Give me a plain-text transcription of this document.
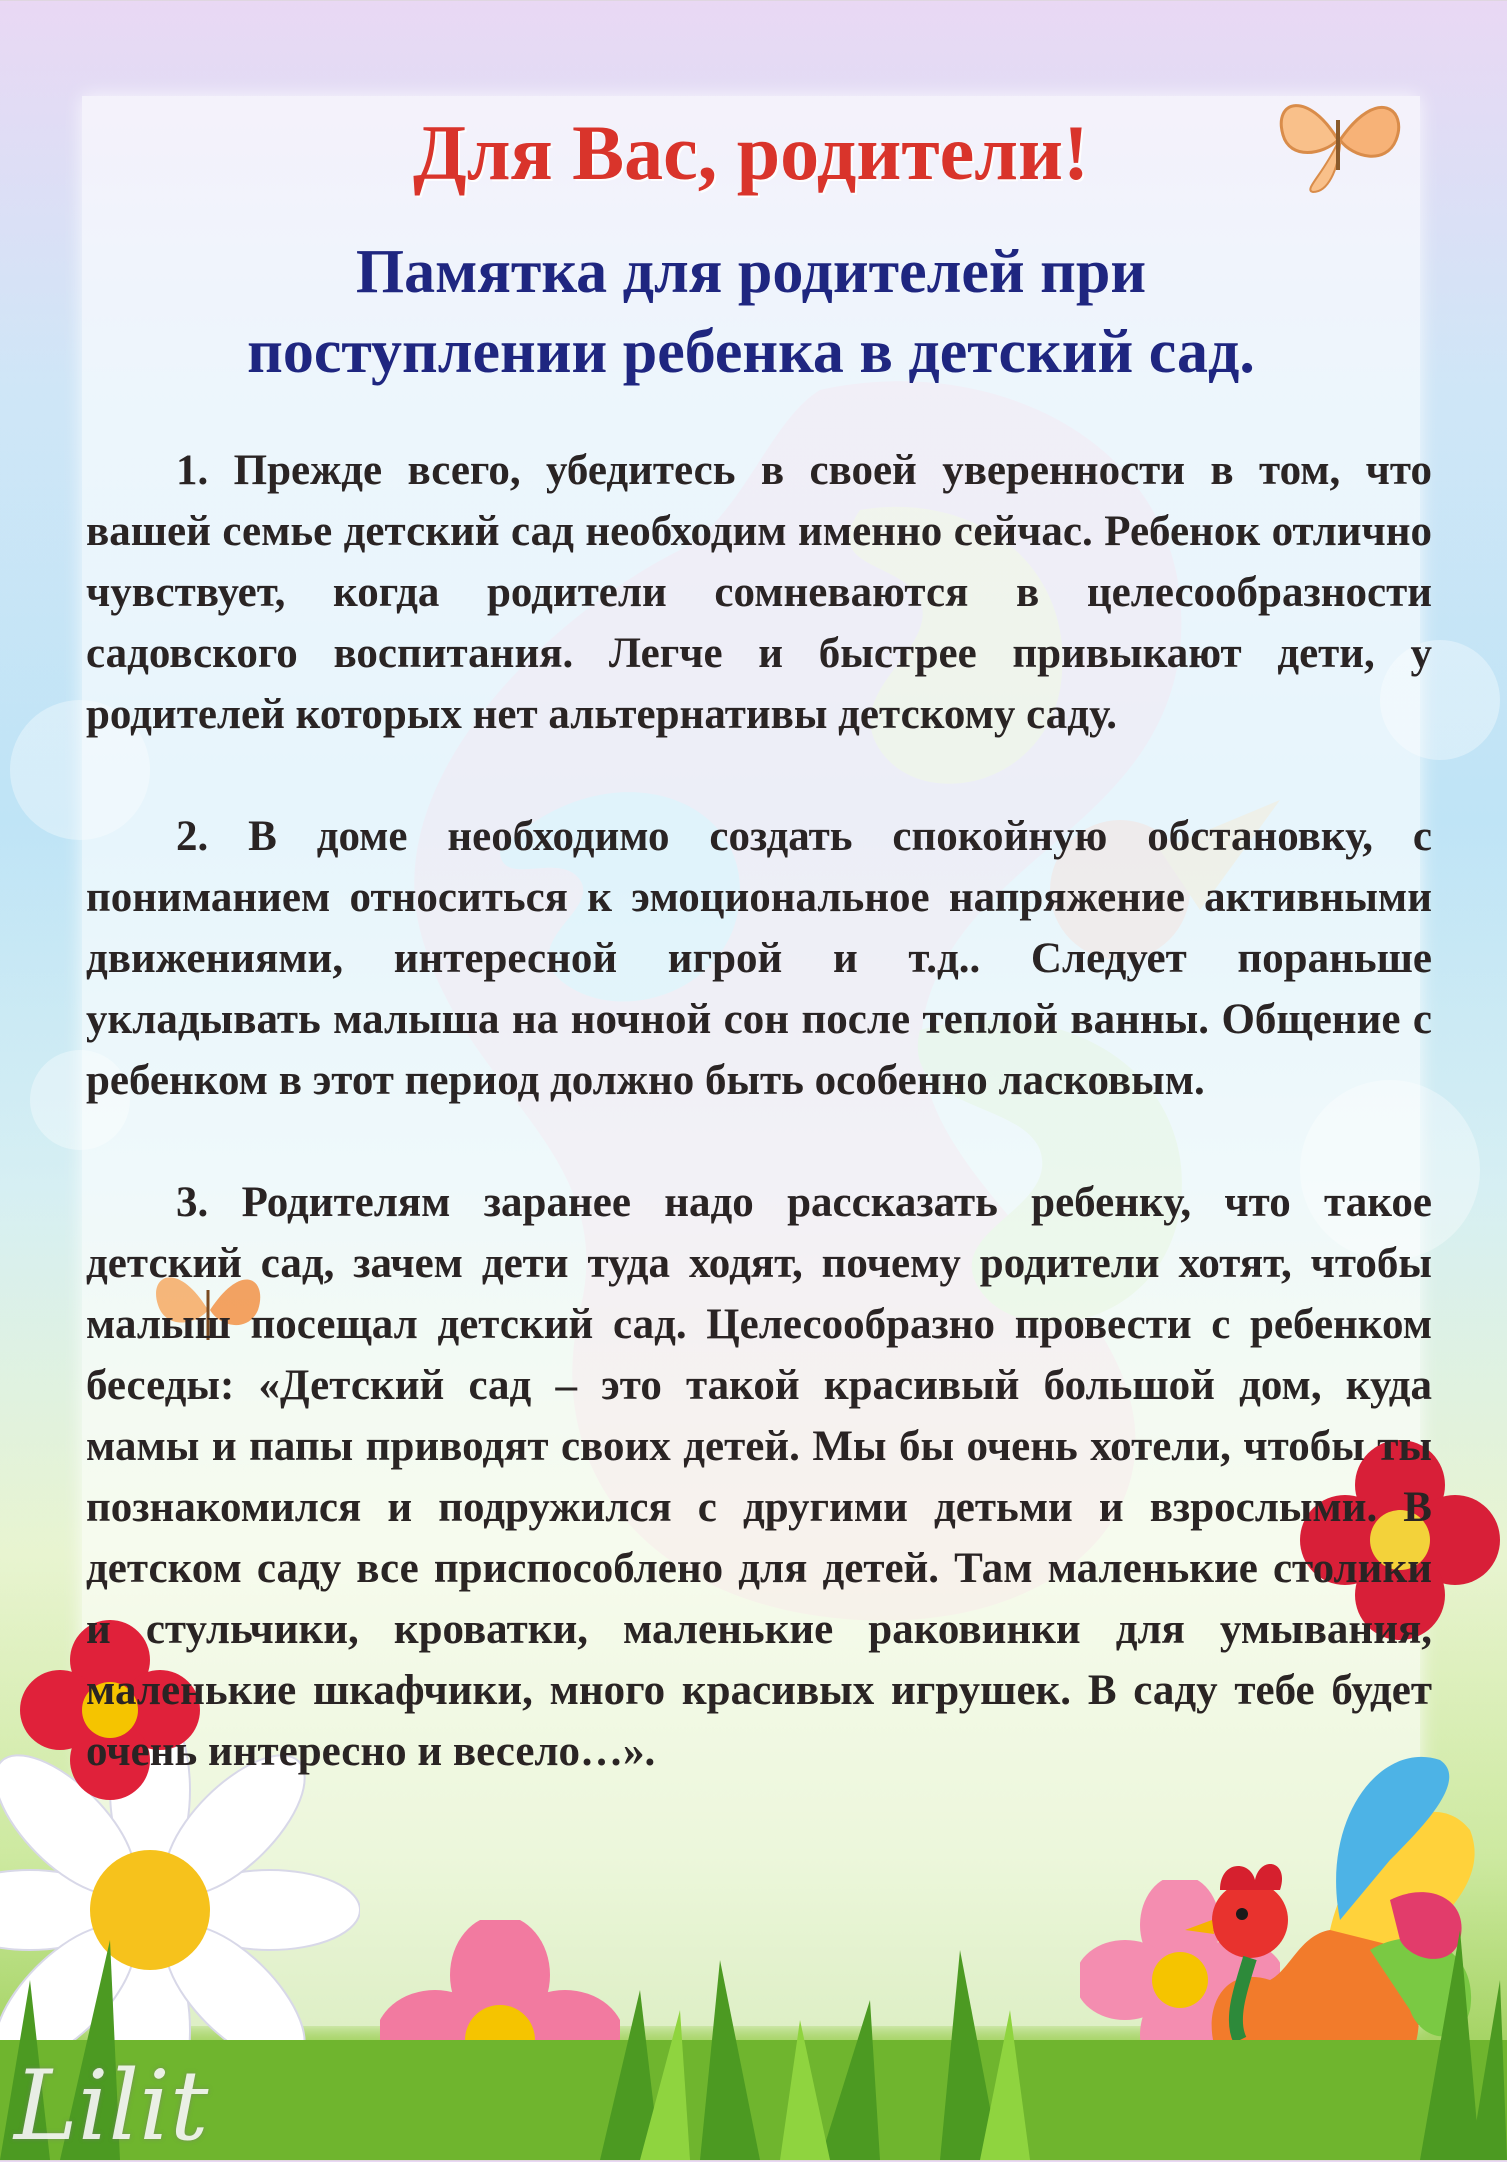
Для Вас, родители!
Памятка для родителей при
поступлении ребенка в детский сад.

1. Прежде всего, убедитесь в своей уверенности в том, что вашей семье детский сад необходим именно сейчас. Ребенок отлично чувствует, когда родители сомневаются в целесообразности садовского воспитания. Легче и быстрее привыкают дети, у родителей которых нет альтернативы детскому саду.

2. В доме необходимо создать спокойную обстановку, с пониманием относиться к эмоциональное напряжение активными движениями, интересной игрой и т.д.. Следует пораньше укладывать малыша на ночной сон после теплой ванны. Общение с ребенком в этот период должно быть особенно ласковым.

3. Родителям заранее надо рассказать ребенку, что такое детский сад, зачем дети туда ходят, почему родители хотят, чтобы малыш посещал детский сад. Целесообразно провести с ребенком беседы: «Детский сад – это такой красивый большой дом, куда мамы и папы приводят своих детей. Мы бы очень хотели, чтобы ты познакомился и подружился с другими детьми и взрослыми. В детском саду все приспособлено для детей. Там маленькие столики и стульчики, кроватки, маленькие раковинки для умывания, маленькие шкафчики, много красивых игрушек. В саду тебе будет очень интересно и весело…».

Lilit
